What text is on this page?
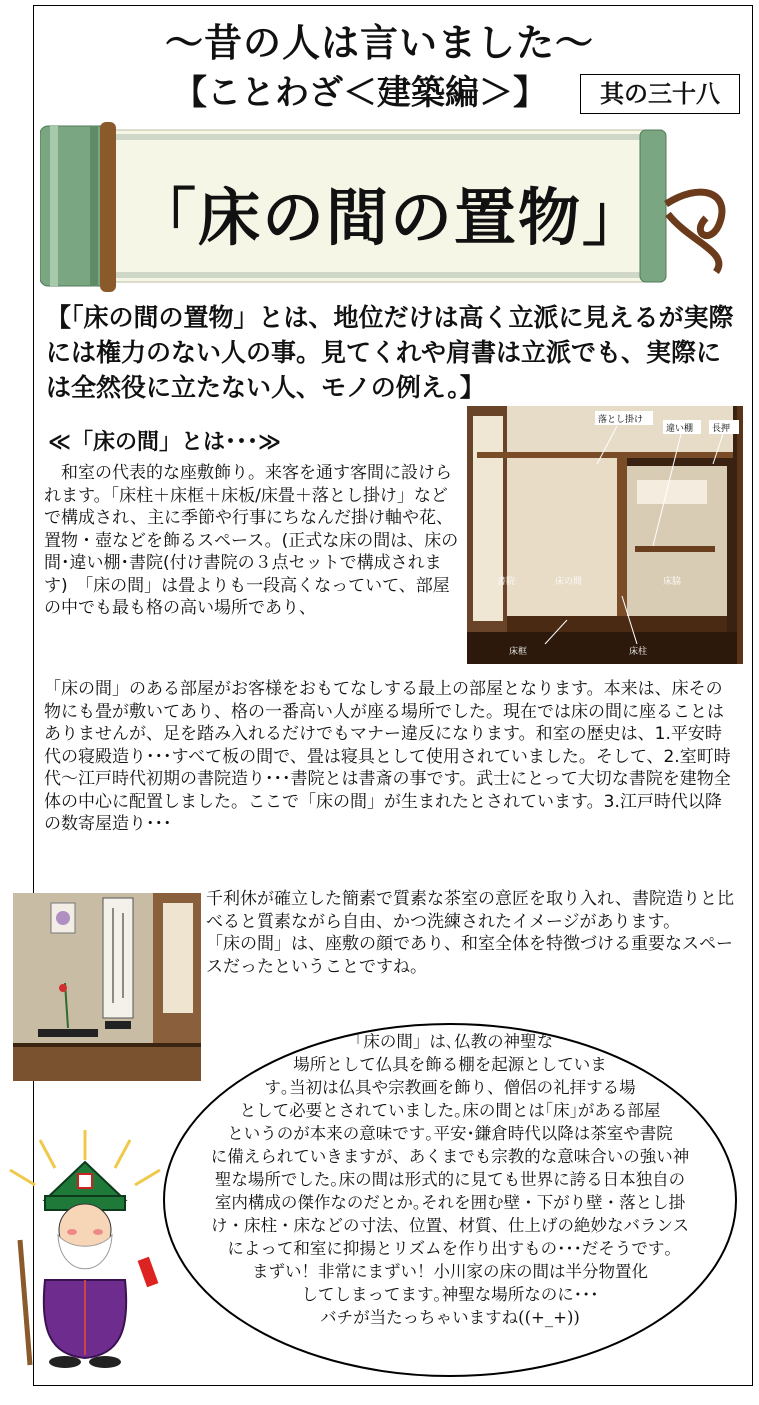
～昔の人は言いました～
【ことわざ＜建築編＞】	其の三十八
「床の間の置物」
【「床の間の置物」とは、地位だけは高く立派に見えるが実際には権力のない人の事。見てくれや肩書は立派でも、実際には全然役に立たない人、モノの例え。】
≪「床の間」とは･･･≫
　和室の代表的な座敷飾り。来客を通す客間に設けられます。「床柱＋床框＋床板/床畳＋落とし掛け」などで構成され、主に季節や行事にちなんだ掛け軸や花、置物・壺などを飾るスペース。(正式な床の間は、床の間･違い棚･書院(付け書院の３点セットで構成されます)　「床の間」は畳よりも一段高くなっていて、部屋の中でも最も格の高い場所であり、
「床の間」のある部屋がお客様をおもてなしする最上の部屋となります。本来は、床その物にも畳が敷いてあり、格の一番高い人が座る場所でした。現在では床の間に座ることはありませんが、足を踏み入れるだけでもマナー違反になります。和室の歴史は、1.平安時代の寝殿造り･･･すべて板の間で、畳は寝具として使用されていました。そして、2.室町時代～江戸時代初期の書院造り･･･書院とは書斎の事です。武士にとって大切な書院を建物全体の中心に配置しました。ここで「床の間」が生まれたとされています。3.江戸時代以降の数寄屋造り･･･
千利休が確立した簡素で質素な茶室の意匠を取り入れ、書院造りと比べると質素ながら自由、かつ洗練されたイメージがあります。
「床の間」は、座敷の顔であり、和室全体を特徴づける重要なスペースだったということですね。
落とし掛け
違い棚 長押
書院	床の間	床脇
床框	床柱
「床の間」は､仏教の神聖な
場所として仏具を飾る棚を起源としていま
す｡当初は仏具や宗教画を飾り、僧侶の礼拝する場
として必要とされていました｡床の間とは｢床｣がある部屋
というのが本来の意味です｡平安･鎌倉時代以降は茶室や書院
に備えられていきますが、あくまでも宗教的な意味合いの強い神
聖な場所でした｡床の間は形式的に見ても世界に誇る日本独自の
室内構成の傑作なのだとか｡それを囲む壁・下がり壁・落とし掛
け・床柱・床などの寸法、位置、材質、仕上げの絶妙なバランス
によって和室に抑揚とリズムを作り出すもの･･･だそうです｡
まずい！非常にまずい！小川家の床の間は半分物置化
してしまってます｡神聖な場所なのに･･･
バチが当たっちゃいますね((+_+))
